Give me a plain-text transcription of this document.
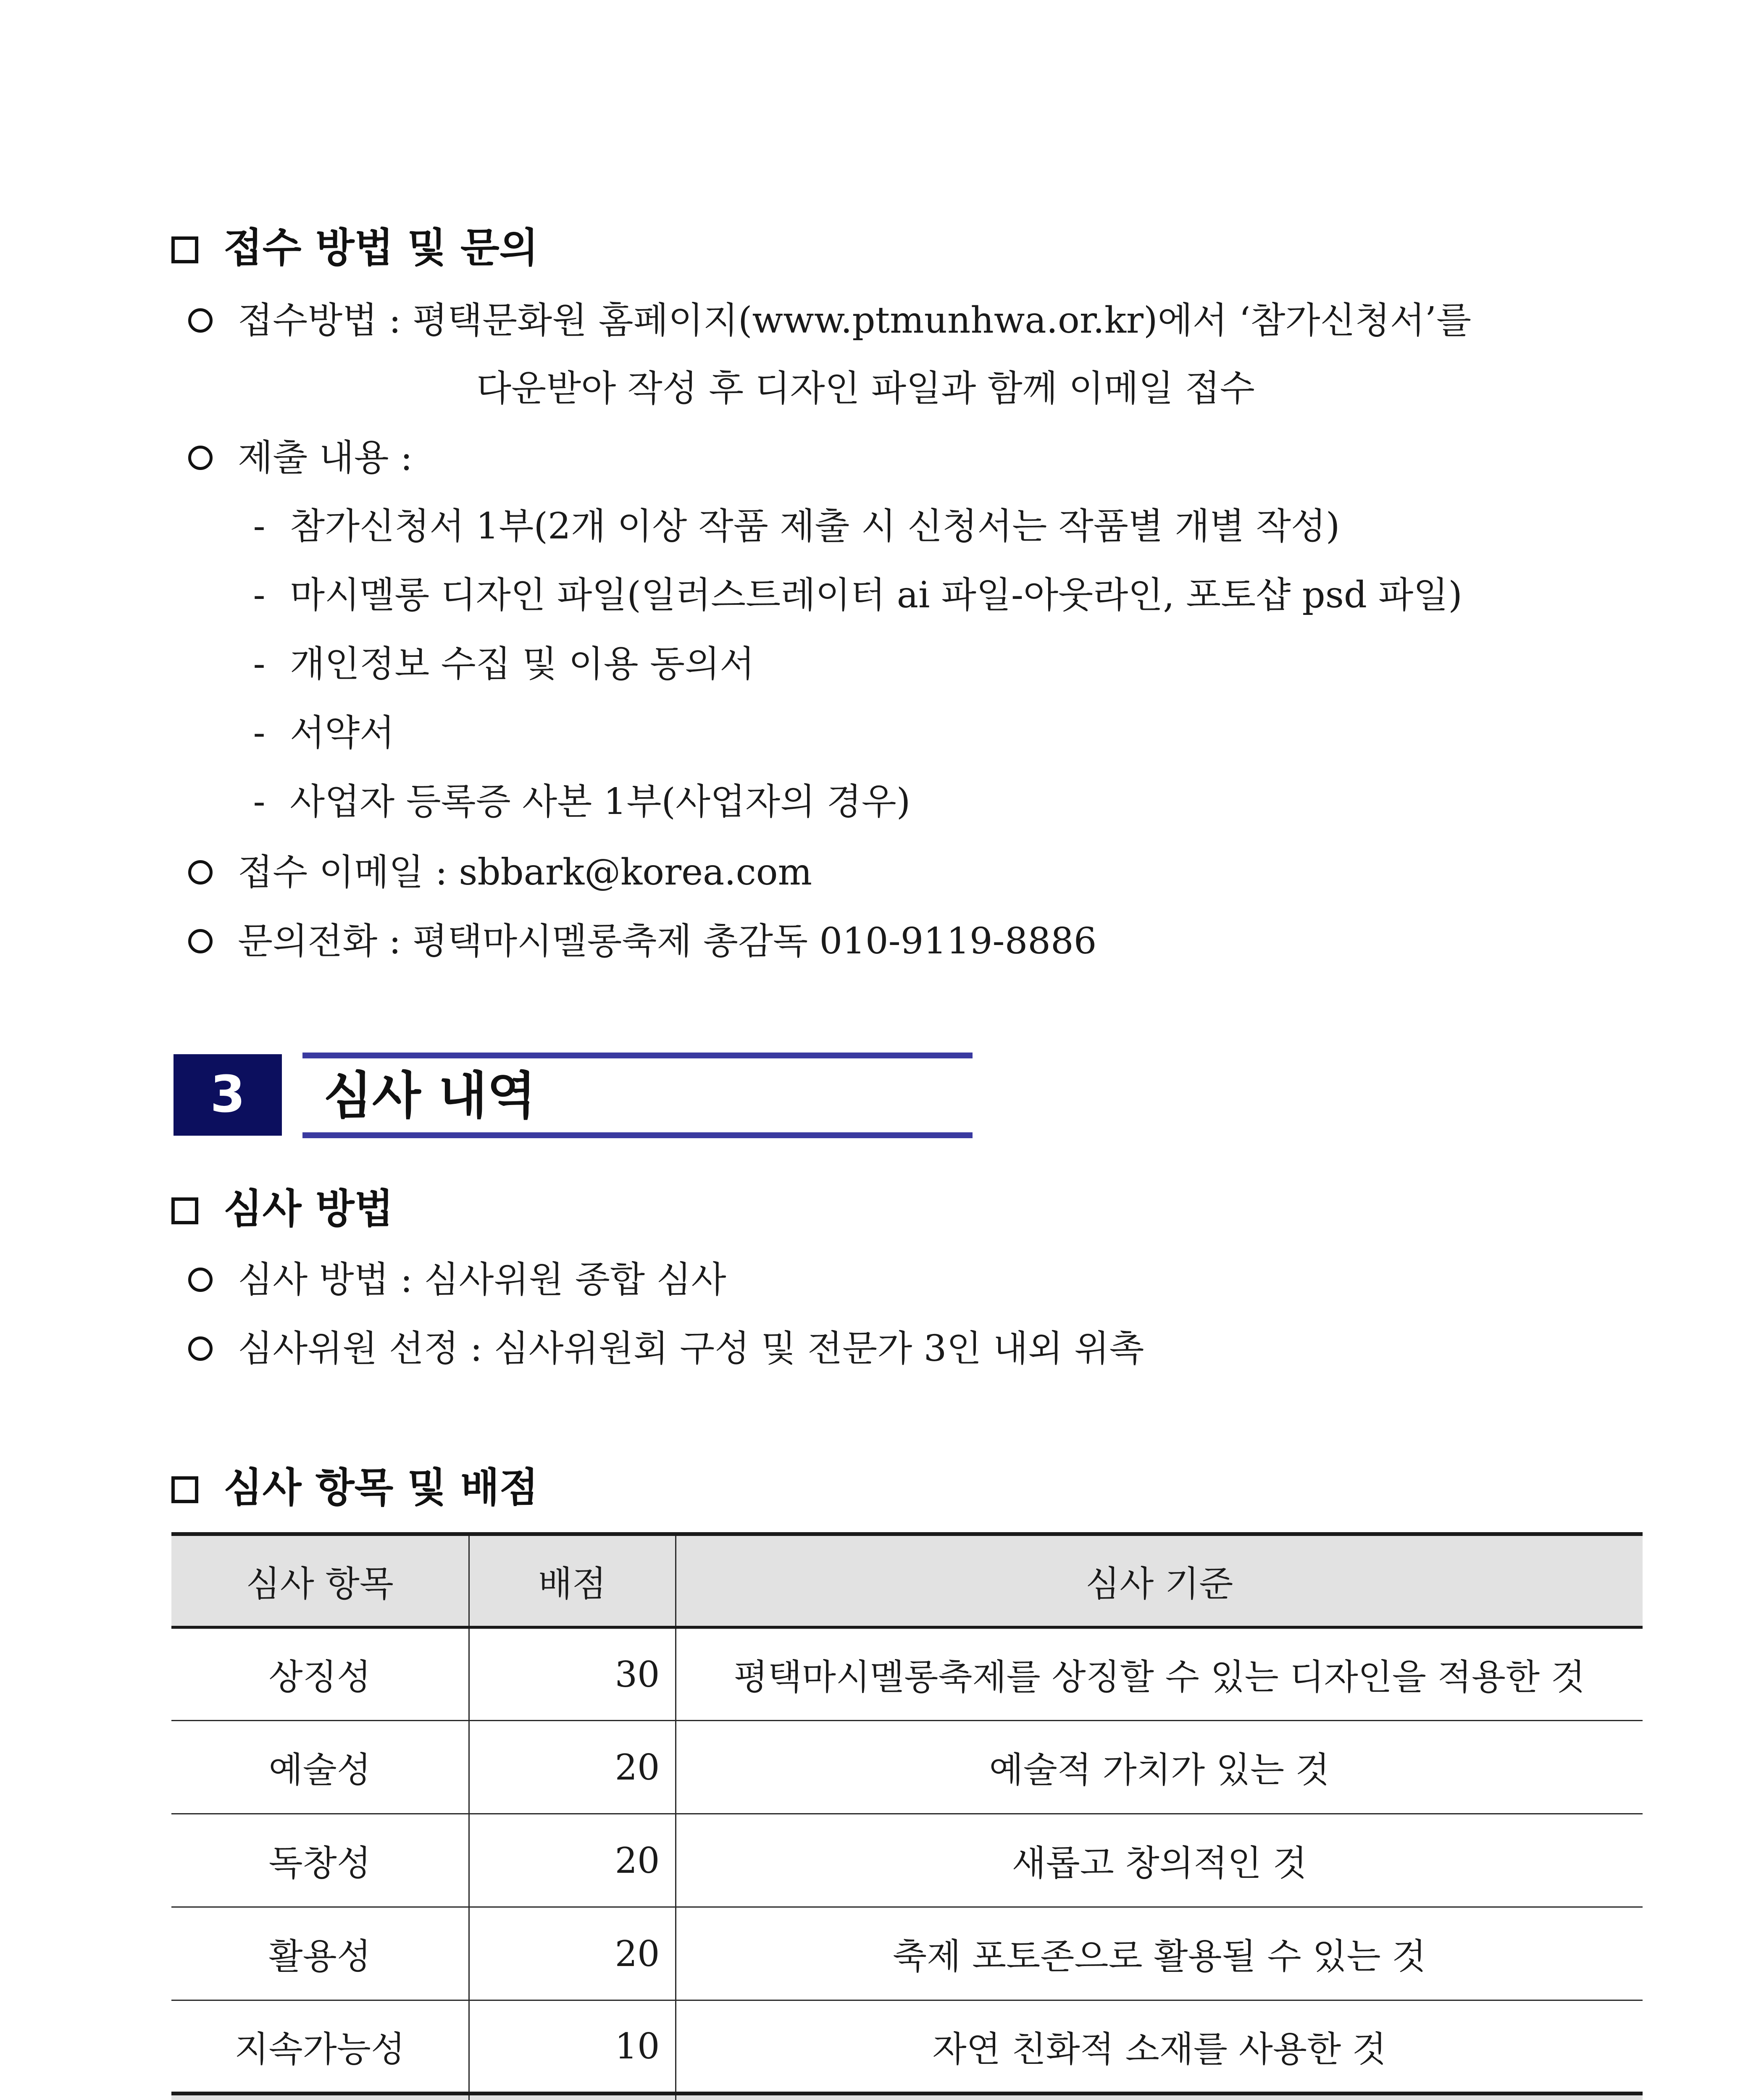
접수 방법 및 문의
접수방법 : 평택문화원 홈페이지(www.ptmunhwa.or.kr)에서 ‘참가신청서’를
다운받아 작성 후 디자인 파일과 함께 이메일 접수
제출 내용 :
- 참가신청서 1부(2개 이상 작품 제출 시 신청서는 작품별 개별 작성)
- 마시멜롱 디자인 파일(일러스트레이터 ai 파일-아웃라인, 포토샵 psd 파일)
- 개인정보 수집 및 이용 동의서
- 서약서
- 사업자 등록증 사본 1부(사업자의 경우)
접수 이메일 : sbbark@korea.com
문의전화 : 평택마시멜롱축제 총감독 010-9119-8886
3	심사 내역
심사 방법
심사 방법 : 심사위원 종합 심사
심사위원 선정 : 심사위원회 구성 및 전문가 3인 내외 위촉
심사 항목 및 배점
심사 항목	배점	심사 기준
상징성	30	평택마시멜롱축제를 상징할 수 있는 디자인을 적용한 것
예술성	20	예술적 가치가 있는 것
독창성	20	새롭고 창의적인 것
활용성	20	축제 포토존으로 활용될 수 있는 것
지속가능성	10	자연 친화적 소재를 사용한 것
